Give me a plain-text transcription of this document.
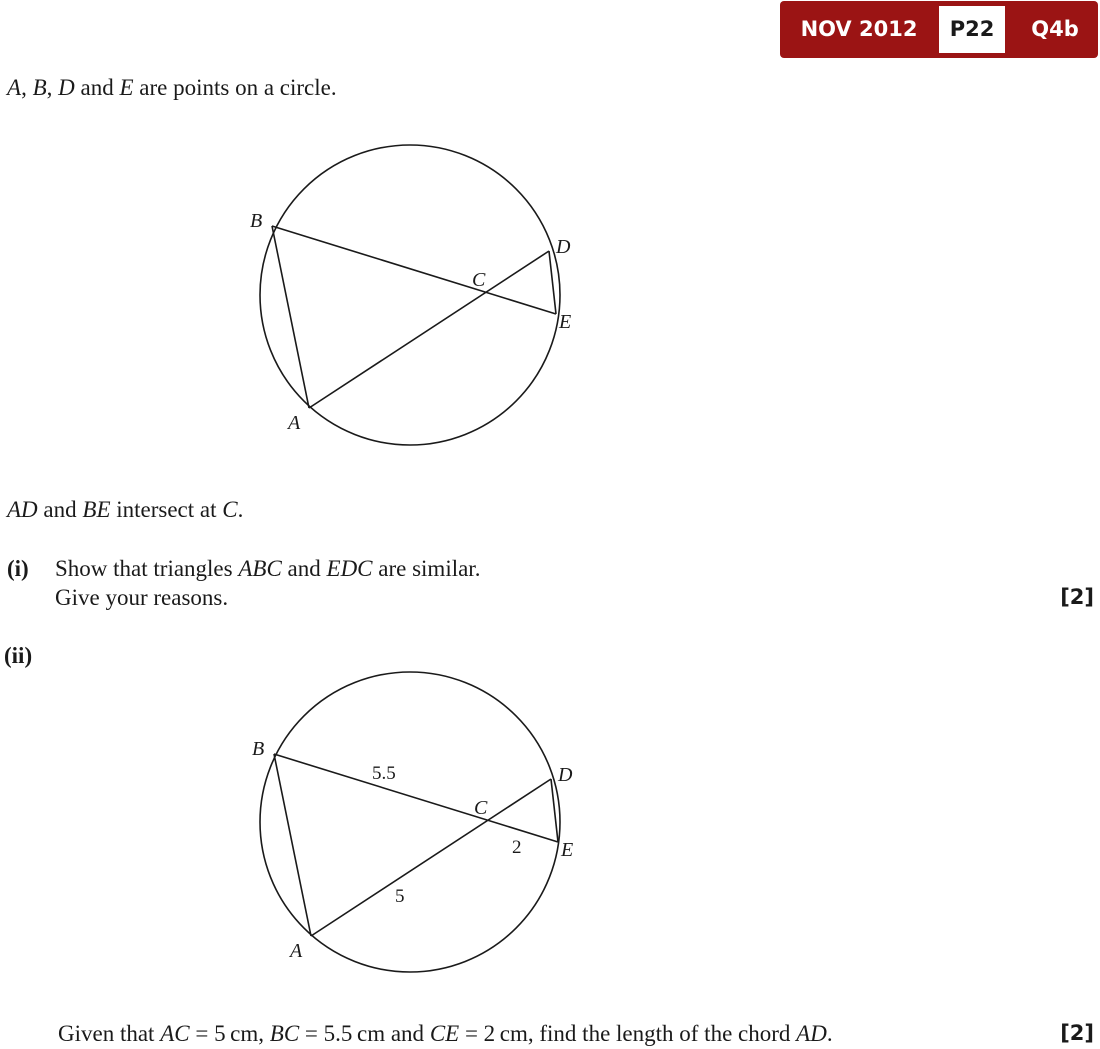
NOV 2012	P22	Q4b
A, B, D and E are points on a circle.
B
D
C
E
A
AD and BE intersect at C.
(i) Show that triangles ABC and EDC are similar.
Give your reasons.	[2]
(ii)
B
D
C
E
A
5.5
2
5
Given that AC = 5 cm, BC = 5.5 cm and CE = 2 cm, find the length of the chord AD.	[2]
